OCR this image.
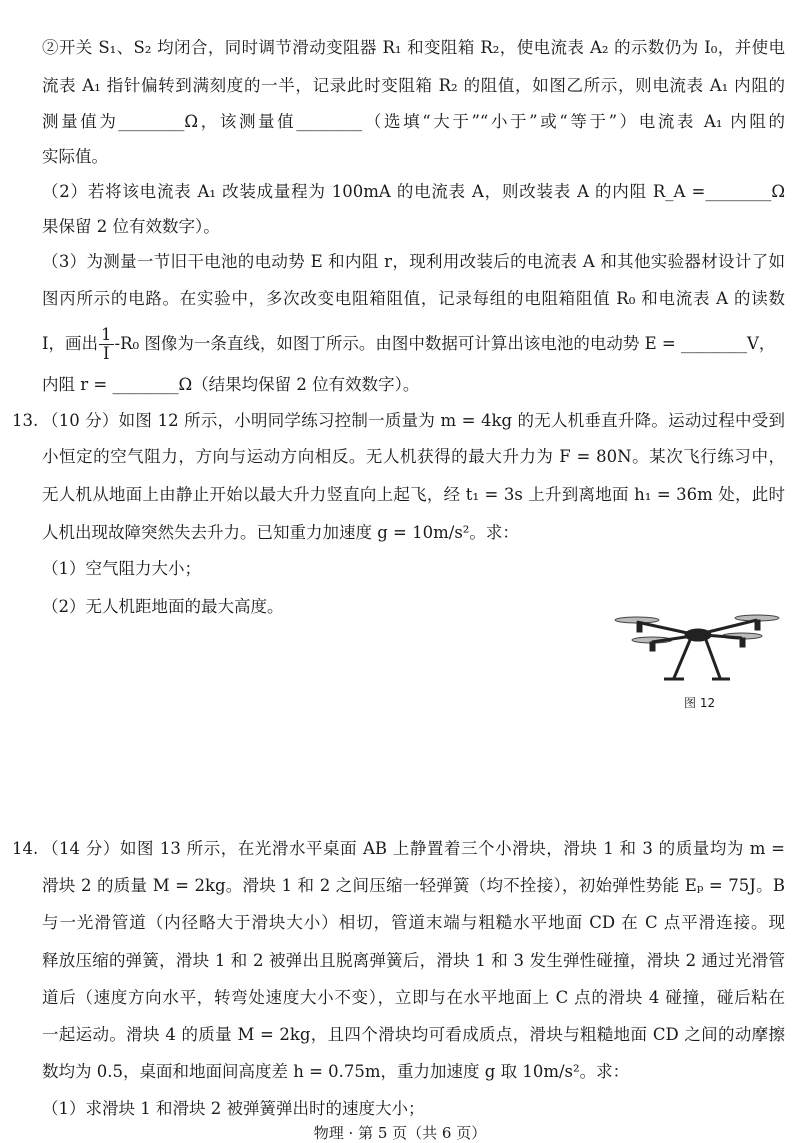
②开关 S₁、S₂ 均闭合，同时调节滑动变阻器 R₁ 和变阻箱 R₂，使电流表 A₂ 的示数仍为 I₀，并使电
流表 A₁ 指针偏转到满刻度的一半，记录此时变阻箱 R₂ 的阻值，如图乙所示，则电流表 A₁ 内阻的
测量值为________Ω，该测量值________（选填“大于”“小于”或“等于”）电流表 A₁ 内阻的
实际值。
（2）若将该电流表 A₁ 改装成量程为 100mA 的电流表 A，则改装表 A 的内阻 R_A =________Ω
果保留 2 位有效数字）。
（3）为测量一节旧干电池的电动势 E 和内阻 r，现利用改装后的电流表 A 和其他实验器材设计了如
图丙所示的电路。在实验中，多次改变电阻箱阻值，记录每组的电阻箱阻值 R₀ 和电流表 A 的读数
I，画出 $\frac{1}{I} -R_0$ 图像为一条直线，如图丁所示。由图中数据可计算出该电池的电动势 E = ________V，
内阻 r = ________Ω（结果均保留 2 位有效数字）。
13. （10 分）如图 12 所示，小明同学练习控制一质量为 m = 4kg 的无人机垂直升降。运动过程中受到
小恒定的空气阻力，方向与运动方向相反。无人机获得的最大升力为 F = 80N。某次飞行练习中，
无人机从地面上由静止开始以最大升力竖直向上起飞，经 t₁ = 3s 上升到离地面 h₁ = 36m 处，此时
人机出现故障突然失去升力。已知重力加速度 g = 10m/s²。求：
（1）空气阻力大小；
（2）无人机距地面的最大高度。
图 12
14. （14 分）如图 13 所示，在光滑水平桌面 AB 上静置着三个小滑块，滑块 1 和 3 的质量均为 m =
滑块 2 的质量 M = 2kg。滑块 1 和 2 之间压缩一轻弹簧（均不拴接），初始弹性势能 Eₚ = 75J。B
与一光滑管道（内径略大于滑块大小）相切，管道末端与粗糙水平地面 CD 在 C 点平滑连接。现
释放压缩的弹簧，滑块 1 和 2 被弹出且脱离弹簧后，滑块 1 和 3 发生弹性碰撞，滑块 2 通过光滑管
道后（速度方向水平，转弯处速度大小不变），立即与在水平地面上 C 点的滑块 4 碰撞，碰后粘在
一起运动。滑块 4 的质量 M = 2kg，且四个滑块均可看成质点，滑块与粗糙地面 CD 之间的动摩擦
数均为 0.5，桌面和地面间高度差 h = 0.75m，重力加速度 g 取 10m/s²。求：
（1）求滑块 1 和滑块 2 被弹簧弹出时的速度大小；
物理 · 第 5 页（共 6 页）
